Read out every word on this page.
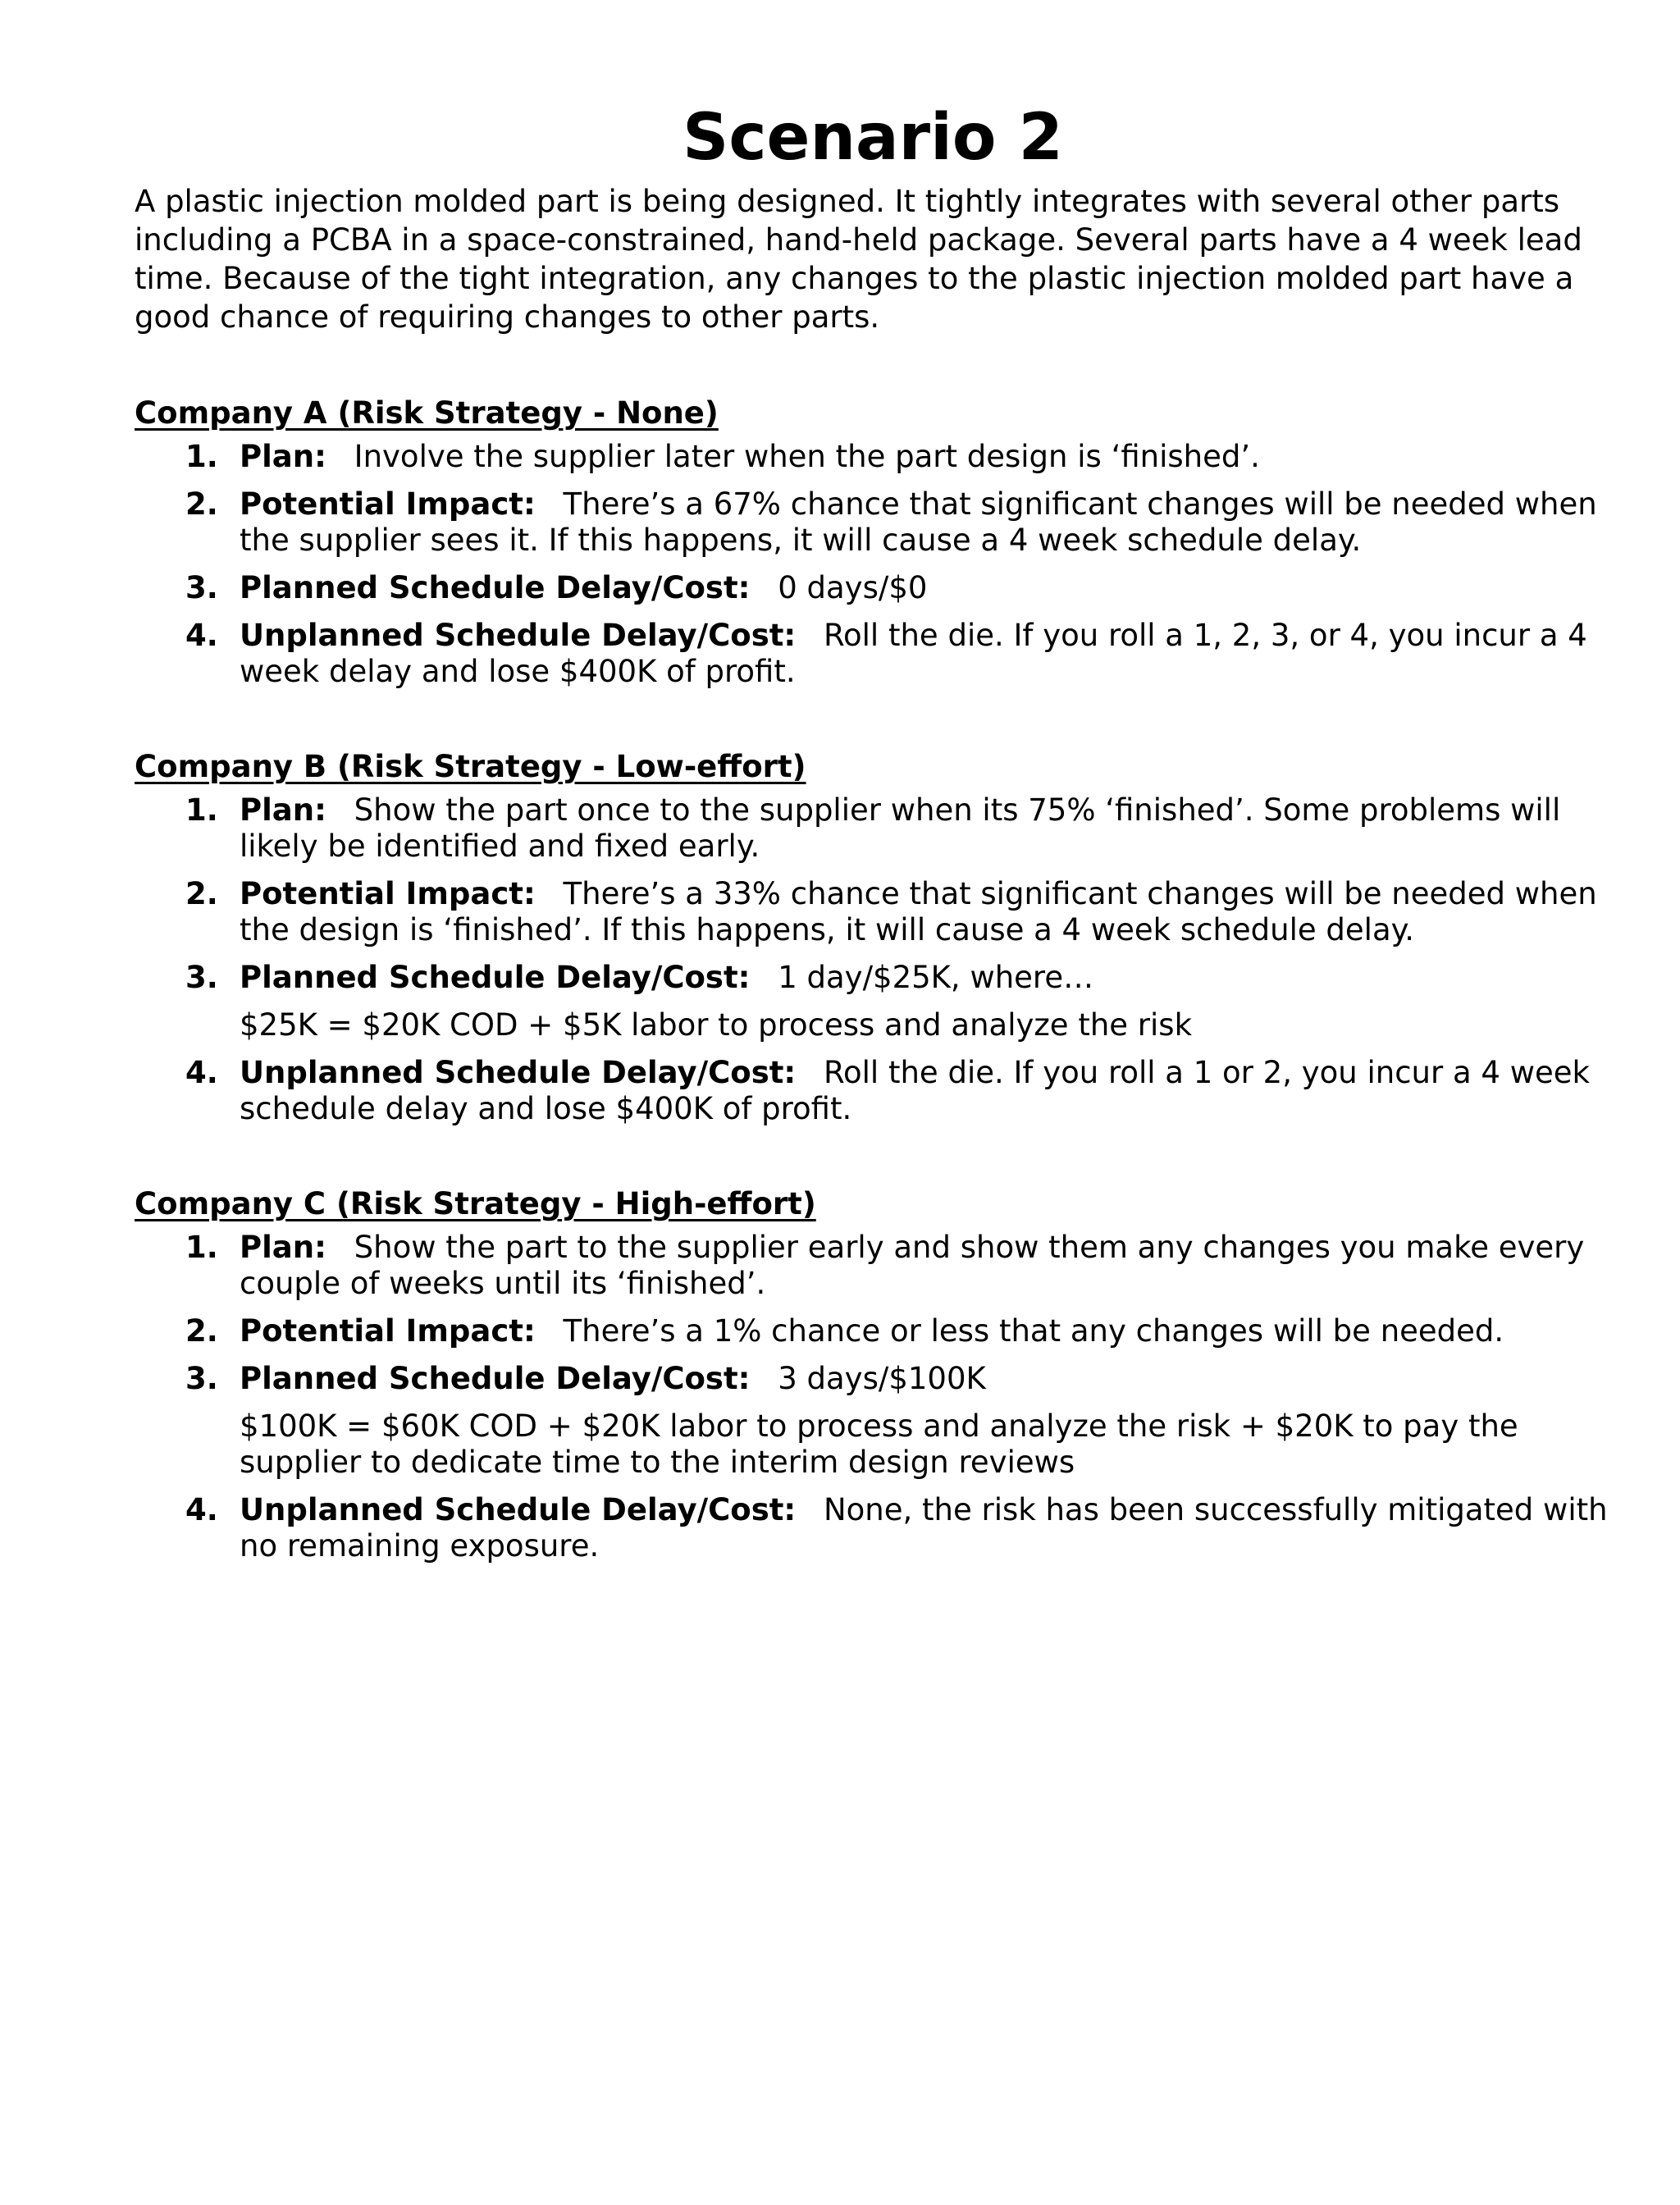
Scenario 2

A plastic injection molded part is being designed. It tightly integrates with several other parts including a PCBA in a space-constrained, hand-held package. Several parts have a 4 week lead time. Because of the tight integration, any changes to the plastic injection molded part have a good chance of requiring changes to other parts.

Company A (Risk Strategy - None)
1. Plan: Involve the supplier later when the part design is ‘finished’.
2. Potential Impact: There’s a 67% chance that significant changes will be needed when the supplier sees it. If this happens, it will cause a 4 week schedule delay.
3. Planned Schedule Delay/Cost: 0 days/$0
4. Unplanned Schedule Delay/Cost: Roll the die. If you roll a 1, 2, 3, or 4, you incur a 4 week delay and lose $400K of profit.
Company B (Risk Strategy - Low-effort)
1. Plan: Show the part once to the supplier when its 75% ‘finished’. Some problems will likely be identified and fixed early.
2. Potential Impact: There’s a 33% chance that significant changes will be needed when the design is ‘finished’. If this happens, it will cause a 4 week schedule delay.
3. Planned Schedule Delay/Cost: 1 day/$25K, where…
$25K = $20K COD + $5K labor to process and analyze the risk
4. Unplanned Schedule Delay/Cost: Roll the die. If you roll a 1 or 2, you incur a 4 week schedule delay and lose $400K of profit.
Company C (Risk Strategy - High-effort)
1. Plan: Show the part to the supplier early and show them any changes you make every couple of weeks until its ‘finished’.
2. Potential Impact: There’s a 1% chance or less that any changes will be needed.
3. Planned Schedule Delay/Cost: 3 days/$100K
$100K = $60K COD + $20K labor to process and analyze the risk + $20K to pay the supplier to dedicate time to the interim design reviews
4. Unplanned Schedule Delay/Cost: None, the risk has been successfully mitigated with no remaining exposure.
